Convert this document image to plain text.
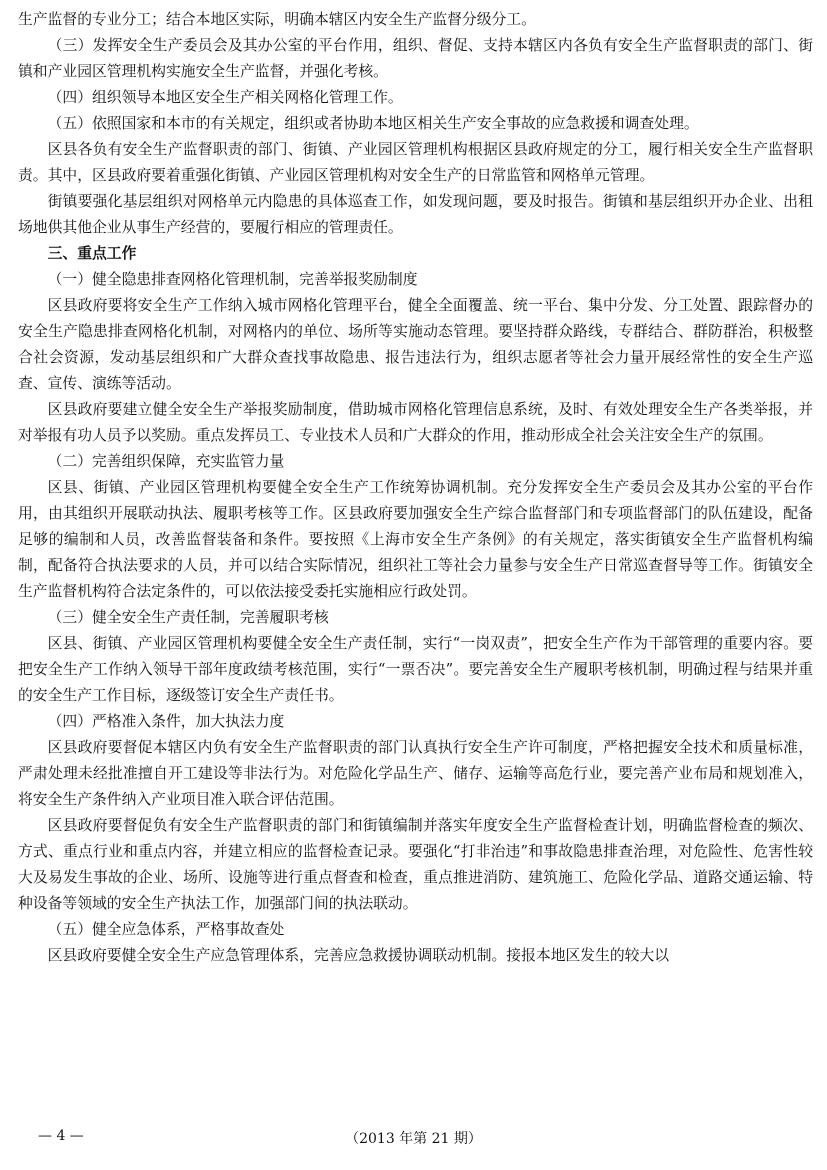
生产监督的专业分工；结合本地区实际，明确本辖区内安全生产监督分级分工。

（三）发挥安全生产委员会及其办公室的平台作用，组织、督促、支持本辖区内各负有安全生产监督职责的部门、街镇和产业园区管理机构实施安全生产监督，并强化考核。

（四）组织领导本地区安全生产相关网格化管理工作。

（五）依照国家和本市的有关规定，组织或者协助本地区相关生产安全事故的应急救援和调查处理。

区县各负有安全生产监督职责的部门、街镇、产业园区管理机构根据区县政府规定的分工，履行相关安全生产监督职责。其中，区县政府要着重强化街镇、产业园区管理机构对安全生产的日常监管和网格单元管理。

街镇要强化基层组织对网格单元内隐患的具体巡查工作，如发现问题，要及时报告。街镇和基层组织开办企业、出租场地供其他企业从事生产经营的，要履行相应的管理责任。

三、重点工作

（一）健全隐患排查网格化管理机制，完善举报奖励制度

区县政府要将安全生产工作纳入城市网格化管理平台，健全全面覆盖、统一平台、集中分发、分工处置、跟踪督办的安全生产隐患排查网格化机制，对网格内的单位、场所等实施动态管理。要坚持群众路线，专群结合、群防群治，积极整合社会资源，发动基层组织和广大群众查找事故隐患、报告违法行为，组织志愿者等社会力量开展经常性的安全生产巡查、宣传、演练等活动。

区县政府要建立健全安全生产举报奖励制度，借助城市网格化管理信息系统，及时、有效处理安全生产各类举报，并对举报有功人员予以奖励。重点发挥员工、专业技术人员和广大群众的作用，推动形成全社会关注安全生产的氛围。

（二）完善组织保障，充实监管力量

区县、街镇、产业园区管理机构要健全安全生产工作统筹协调机制。充分发挥安全生产委员会及其办公室的平台作用，由其组织开展联动执法、履职考核等工作。区县政府要加强安全生产综合监督部门和专项监督部门的队伍建设，配备足够的编制和人员，改善监督装备和条件。要按照《上海市安全生产条例》的有关规定，落实街镇安全生产监督机构编制，配备符合执法要求的人员，并可以结合实际情况，组织社工等社会力量参与安全生产日常巡查督导等工作。街镇安全生产监督机构符合法定条件的，可以依法接受委托实施相应行政处罚。

（三）健全安全生产责任制，完善履职考核

区县、街镇、产业园区管理机构要健全安全生产责任制，实行“一岗双责”，把安全生产作为干部管理的重要内容。要把安全生产工作纳入领导干部年度政绩考核范围，实行“一票否决”。要完善安全生产履职考核机制，明确过程与结果并重的安全生产工作目标，逐级签订安全生产责任书。

（四）严格准入条件，加大执法力度

区县政府要督促本辖区内负有安全生产监督职责的部门认真执行安全生产许可制度，严格把握安全技术和质量标准，严肃处理未经批准擅自开工建设等非法行为。对危险化学品生产、储存、运输等高危行业，要完善产业布局和规划准入，将安全生产条件纳入产业项目准入联合评估范围。

区县政府要督促负有安全生产监督职责的部门和街镇编制并落实年度安全生产监督检查计划，明确监督检查的频次、方式、重点行业和重点内容，并建立相应的监督检查记录。要强化“打非治违”和事故隐患排查治理，对危险性、危害性较大及易发生事故的企业、场所、设施等进行重点督查和检查，重点推进消防、建筑施工、危险化学品、道路交通运输、特种设备等领域的安全生产执法工作，加强部门间的执法联动。

（五）健全应急体系，严格事故查处

区县政府要健全安全生产应急管理体系，完善应急救援协调联动机制。接报本地区发生的较大以

— 4 —	（2013 年第 21 期）
